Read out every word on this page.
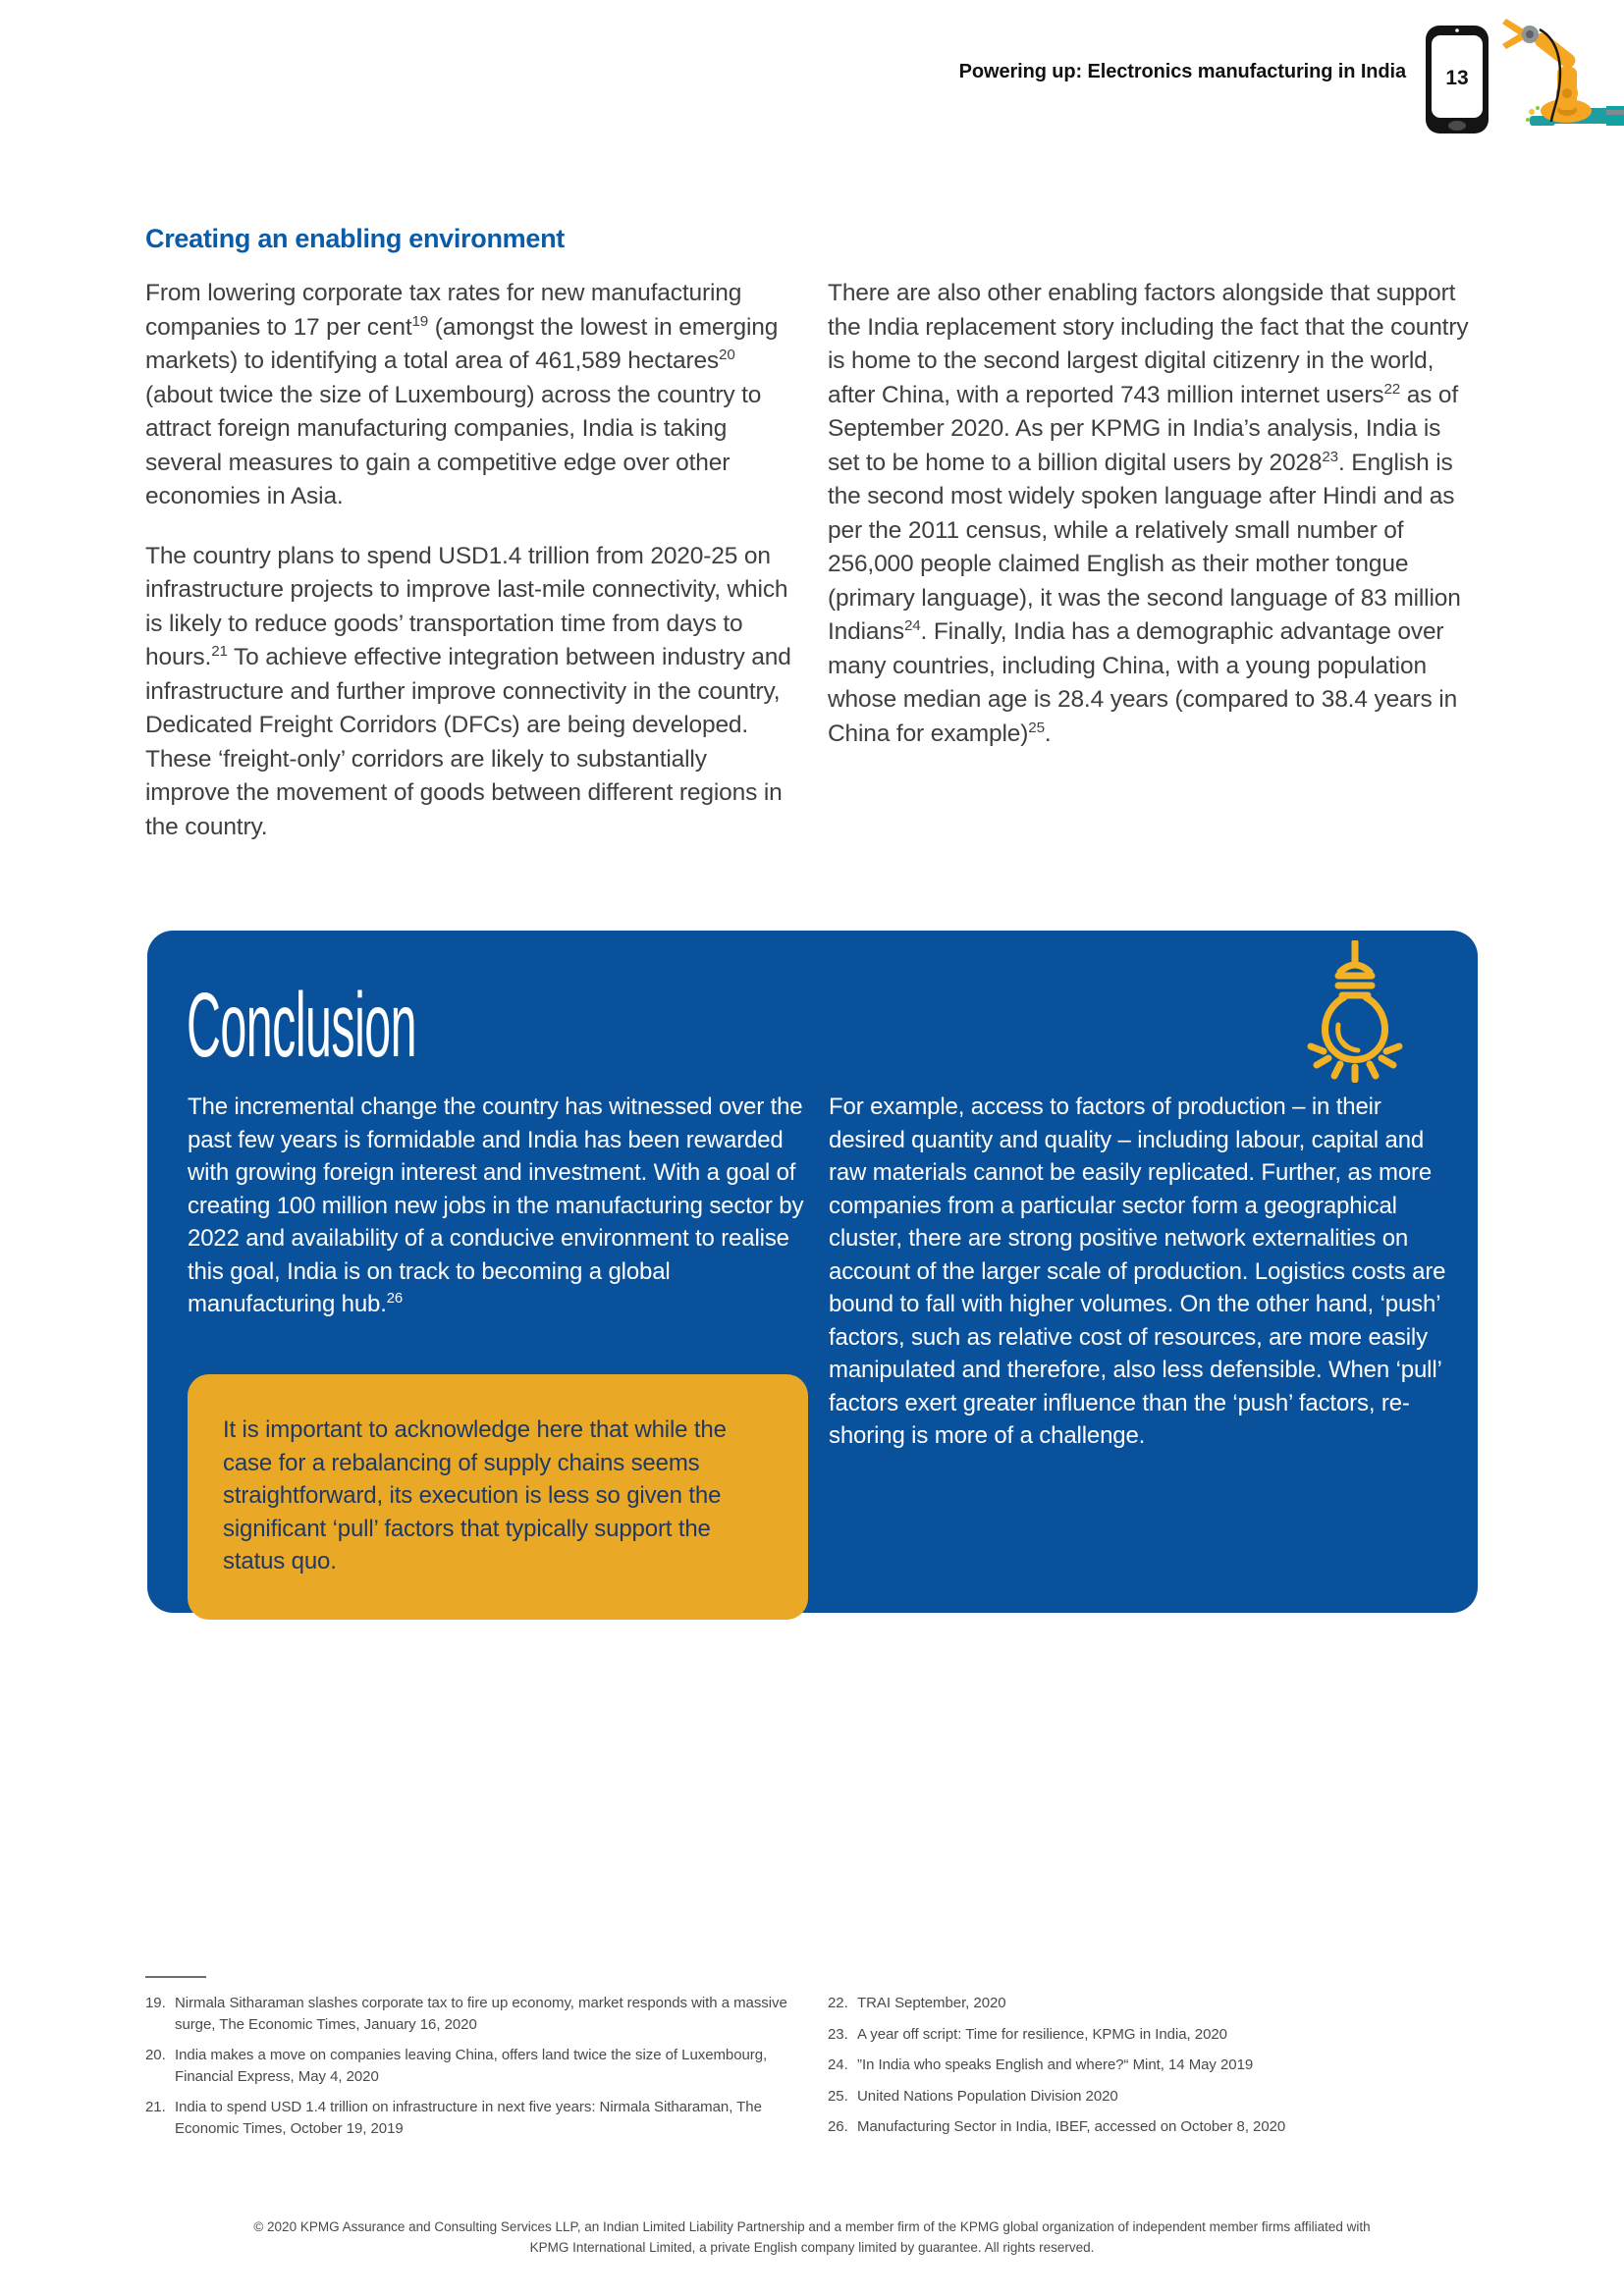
Powering up: Electronics manufacturing in India 13
Creating an enabling environment

From lowering corporate tax rates for new manufacturing companies to 17 per cent$^{19}$ (amongst the lowest in emerging markets) to identifying a total area of 461,589 hectares$^{20}$ (about twice the size of Luxembourg) across the country to attract foreign manufacturing companies, India is taking several measures to gain a competitive edge over other economies in Asia.

The country plans to spend USD1.4 trillion from 2020-25 on infrastructure projects to improve last-mile connectivity, which is likely to reduce goods’ transportation time from days to hours.$^{21}$ To achieve effective integration between industry and infrastructure and further improve connectivity in the country, Dedicated Freight Corridors (DFCs) are being developed. These ‘freight-only’ corridors are likely to substantially improve the movement of goods between different regions in the country.

There are also other enabling factors alongside that support the India replacement story including the fact that the country is home to the second largest digital citizenry in the world, after China, with a reported 743 million internet users$^{22}$ as of September 2020. As per KPMG in India’s analysis, India is set to be home to a billion digital users by 2028$^{23}$. English is the second most widely spoken language after Hindi and as per the 2011 census, while a relatively small number of 256,000 people claimed English as their mother tongue (primary language), it was the second language of 83 million Indians$^{24}$. Finally, India has a demographic advantage over many countries, including China, with a young population whose median age is 28.4 years (compared to 38.4 years in China for example)$^{25}$.

Conclusion

The incremental change the country has witnessed over the past few years is formidable and India has been rewarded with growing foreign interest and investment. With a goal of creating 100 million new jobs in the manufacturing sector by 2022 and availability of a conducive environment to realise this goal, India is on track to becoming a global manufacturing hub.$^{26}$

It is important to acknowledge here that while the case for a rebalancing of supply chains seems straightforward, its execution is less so given the significant ‘pull’ factors that typically support the status quo.

For example, access to factors of production – in their desired quantity and quality – including labour, capital and raw materials cannot be easily replicated. Further, as more companies from a particular sector form a geographical cluster, there are strong positive network externalities on account of the larger scale of production. Logistics costs are bound to fall with higher volumes. On the other hand, ‘push’ factors, such as relative cost of resources, are more easily manipulated and therefore, also less defensible. When ‘pull’ factors exert greater influence than the ‘push’ factors, re-shoring is more of a challenge.

19. Nirmala Sitharaman slashes corporate tax to fire up economy, market responds with a massive surge, The Economic Times, January 16, 2020
20. India makes a move on companies leaving China, offers land twice the size of Luxembourg, Financial Express, May 4, 2020
21. India to spend USD 1.4 trillion on infrastructure in next five years: Nirmala Sitharaman, The Economic Times, October 19, 2019
22. TRAI September, 2020
23. A year off script: Time for resilience, KPMG in India, 2020
24. ”In India who speaks English and where?“ Mint, 14 May 2019
25. United Nations Population Division 2020
26. Manufacturing Sector in India, IBEF, accessed on October 8, 2020
© 2020 KPMG Assurance and Consulting Services LLP, an Indian Limited Liability Partnership and a member firm of the KPMG global organization of independent member firms affiliated with
KPMG International Limited, a private English company limited by guarantee. All rights reserved.
